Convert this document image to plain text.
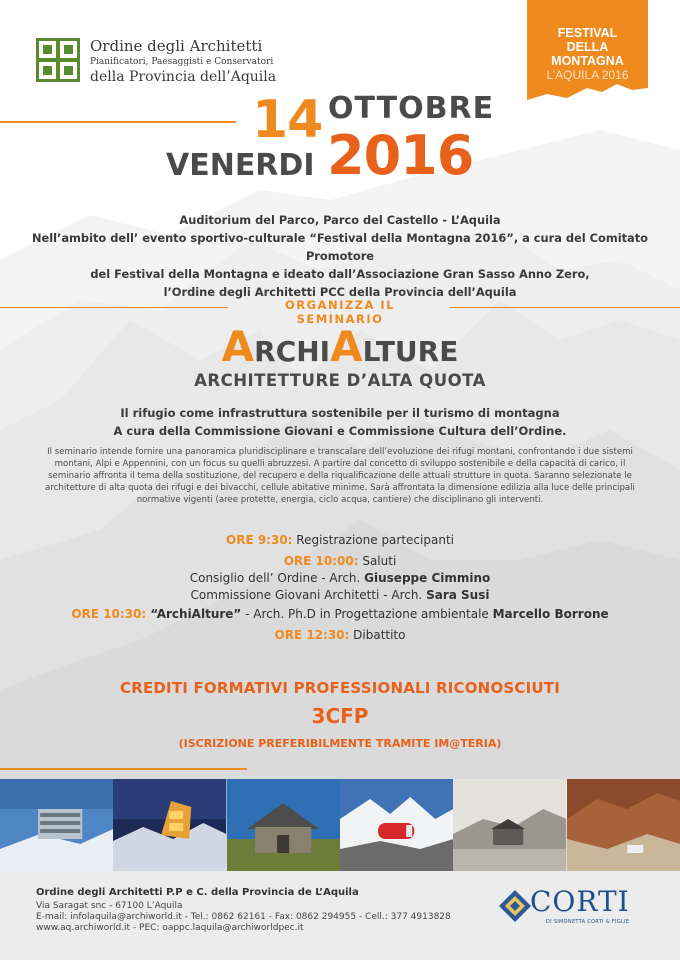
Ordine degli Architetti
Pianificatori, Paesaggisti e Conservatori
della Provincia dell’Aquila
FESTIVAL
DELLA
MONTAGNA
L’AQUILA 2016
14 OTTOBRE
VENERDI 2016
Auditorium del Parco, Parco del Castello - L’Aquila
Nell’ambito dell’ evento sportivo-culturale “Festival della Montagna 2016”, a cura del Comitato Promotore
del Festival della Montagna e ideato dall’Associazione Gran Sasso Anno Zero,
l’Ordine degli Architetti PCC della Provincia dell’Aquila
ORGANIZZA IL SEMINARIO
ARCHIALTURE
ARCHITETTURE D’ALTA QUOTA
Il rifugio come infrastruttura sostenibile per il turismo di montagna
A cura della Commissione Giovani e Commissione Cultura dell’Ordine.
Il seminario intende fornire una panoramica pluridisciplinare e transcalare dell’evoluzione dei rifugi montani, confrontando i due sistemi
montani, Alpi e Appennini, con un focus su quelli abruzzesi. A partire dal concetto di sviluppo sostenibile e della capacità di carico, il
seminario affronta il tema della sostituzione, del recupero e della riqualificazione delle attuali strutture in quota. Saranno selezionate le
architetture di alta quota dei rifugi e dei bivacchi, cellule abitative minime. Sarà affrontata la dimensione edilizia alla luce delle principali
normative vigenti (aree protette, energia, ciclo acqua, cantiere) che disciplinano gli interventi.
ORE 9:30: Registrazione partecipanti
ORE 10:00: Saluti
Consiglio dell’ Ordine - Arch. Giuseppe Cimmino
Commissione Giovani Architetti - Arch. Sara Susi
ORE 10:30: “ArchiAlture” - Arch. Ph.D in Progettazione ambientale Marcello Borrone
ORE 12:30: Dibattito
CREDITI FORMATIVI PROFESSIONALI RICONOSCIUTI
3CFP
(ISCRIZIONE PREFERIBILMENTE TRAMITE IM@TERIA)
Ordine degli Architetti P.P e C. della Provincia de L’Aquila
Via Saragat snc - 67100 L’Aquila
E-mail: infolaquila@archiworld.it - Tel.: 0862 62161 - Fax: 0862 294955 - Cell.: 377 4913828
www.aq.archiworld.it - PEC: oappc.laquila@archiworldpec.it
CORTI
DI SIMONETTA CORTI & FIGLIE
